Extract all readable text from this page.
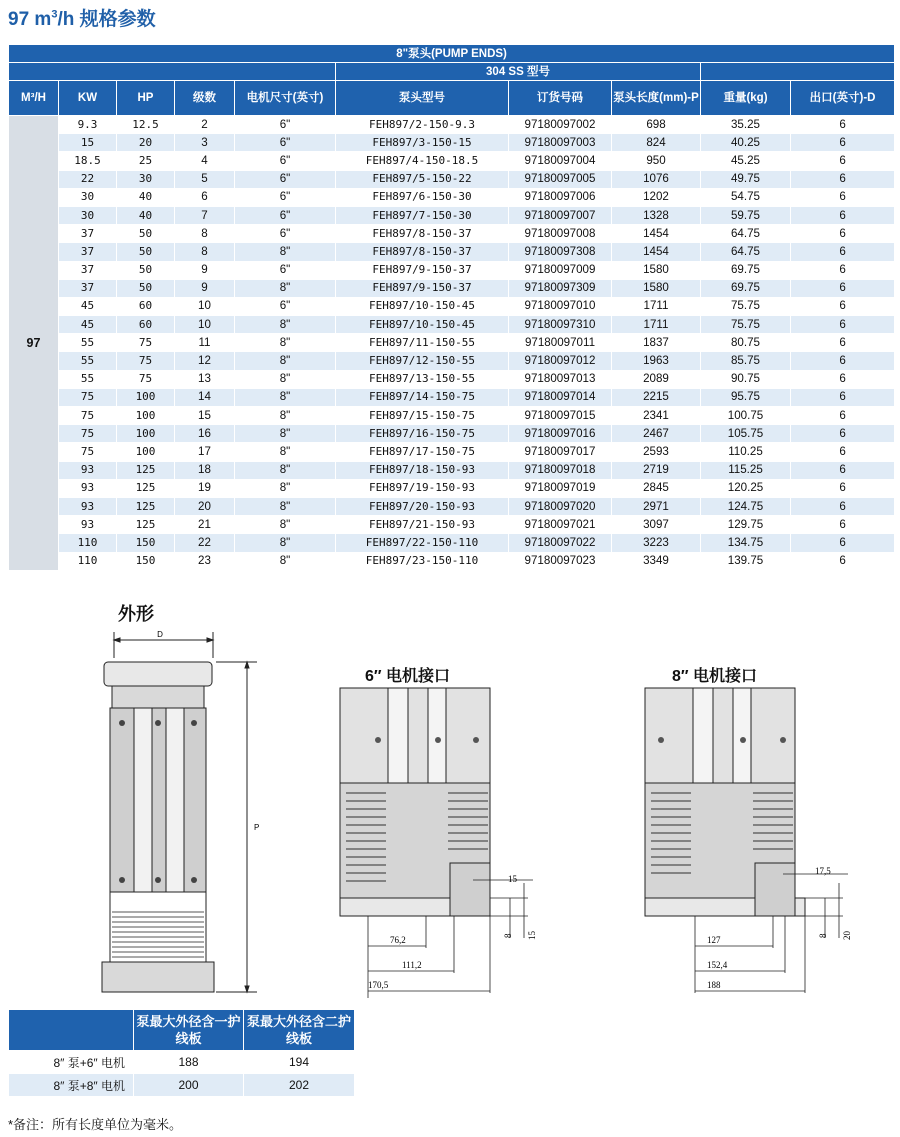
97 $m^3/h$ 规格参数
8"泵头(PUMP ENDS)									
					304 SS 型号				
M³/H	KW	HP	级数	电机尺寸(英寸)	泵头型号	订货号码	泵头长度(mm)-P	重量(kg)	出口(英寸)-D
97	9.3	12.5	2	6"	FEH897/2-150-9.3	97180097002	698	35.25	6
	15	20	3	6"	FEH897/3-150-15	97180097003	824	40.25	6
	18.5	25	4	6"	FEH897/4-150-18.5	97180097004	950	45.25	6
	22	30	5	6"	FEH897/5-150-22	97180097005	1076	49.75	6
	30	40	6	6"	FEH897/6-150-30	97180097006	1202	54.75	6
	30	40	7	6"	FEH897/7-150-30	97180097007	1328	59.75	6
	37	50	8	6"	FEH897/8-150-37	97180097008	1454	64.75	6
	37	50	8	8"	FEH897/8-150-37	97180097308	1454	64.75	6
	37	50	9	6"	FEH897/9-150-37	97180097009	1580	69.75	6
	37	50	9	8"	FEH897/9-150-37	97180097309	1580	69.75	6
	45	60	10	6"	FEH897/10-150-45	97180097010	1711	75.75	6
	45	60	10	8"	FEH897/10-150-45	97180097310	1711	75.75	6
	55	75	11	8"	FEH897/11-150-55	97180097011	1837	80.75	6
	55	75	12	8"	FEH897/12-150-55	97180097012	1963	85.75	6
	55	75	13	8"	FEH897/13-150-55	97180097013	2089	90.75	6
	75	100	14	8"	FEH897/14-150-75	97180097014	2215	95.75	6
	75	100	15	8"	FEH897/15-150-75	97180097015	2341	100.75	6
	75	100	16	8"	FEH897/16-150-75	97180097016	2467	105.75	6
	75	100	17	8"	FEH897/17-150-75	97180097017	2593	110.25	6
	93	125	18	8"	FEH897/18-150-93	97180097018	2719	115.25	6
	93	125	19	8"	FEH897/19-150-93	97180097019	2845	120.25	6
	93	125	20	8"	FEH897/20-150-93	97180097020	2971	124.75	6
	93	125	21	8"	FEH897/21-150-93	97180097021	3097	129.75	6
	110	150	22	8"	FEH897/22-150-110	97180097022	3223	134.75	6
	110	150	23	8"	FEH897/23-150-110	97180097023	3349	139.75	6
外形
6″ 电机接口	8″ 电机接口
D
P
15
76,2
111,2
170,5
8 15
17,5
127
152,4
188
8 20
	泵最大外径含一护线板	泵最大外径含二护线板
8″ 泵+6″ 电机	188	194
8″ 泵+8″ 电机	200	202
*备注：所有长度单位为毫米。
